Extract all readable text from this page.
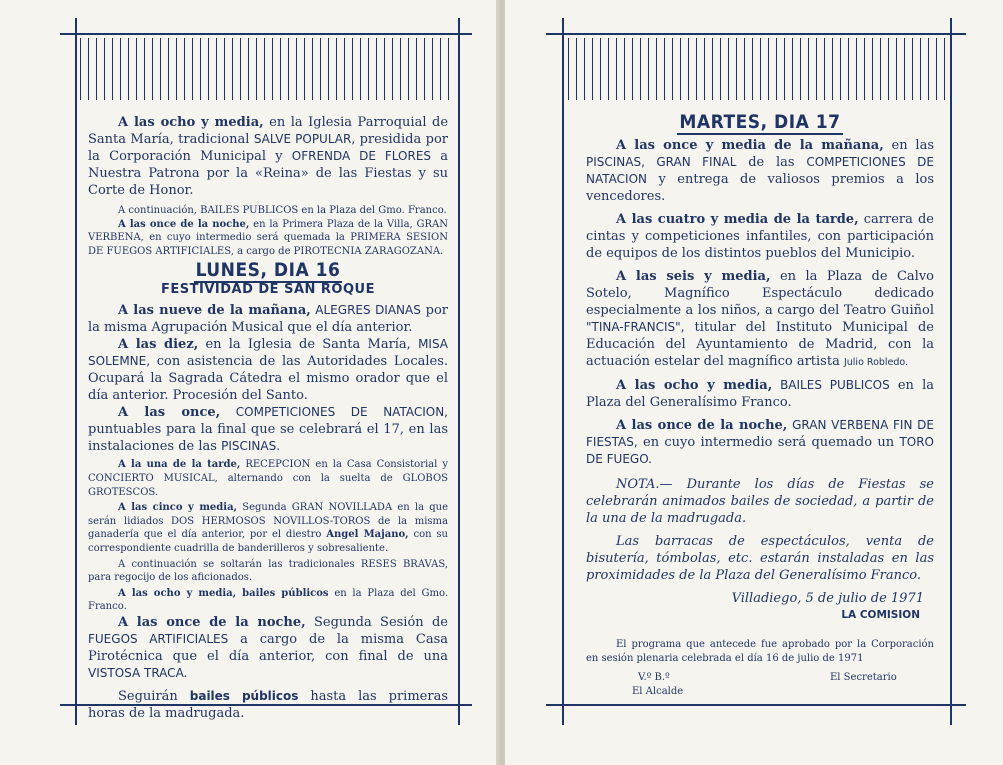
A las ocho y media, en la Iglesia Parroquial de Santa María, tradicional SALVE POPULAR, presidida por la Corporación Municipal y OFRENDA DE FLORES a Nuestra Patrona por la «Reina» de las Fiestas y su Corte de Honor.

A continuación, BAILES PUBLICOS en la Plaza del Gmo. Franco.

A las once de la noche, en la Primera Plaza de la Villa, GRAN VERBENA, en cuyo intermedio será quemada la PRIMERA SESION DE FUEGOS ARTIFICIALES, a cargo de PIROTECNIA ZARAGOZANA.

LUNES, DIA 16
FESTIVIDAD DE SAN ROQUE

A las nueve de la mañana, ALEGRES DIANAS por la misma Agrupación Musical que el día anterior.

A las diez, en la Iglesia de Santa María, MISA SOLEMNE, con asistencia de las Autoridades Locales. Ocupará la Sagrada Cátedra el mismo orador que el día anterior. Procesión del Santo.

A las once, COMPETICIONES DE NATACION, puntuables para la final que se celebrará el 17, en las instalaciones de las PISCINAS.

A la una de la tarde, RECEPCION en la Casa Consistorial y CONCIERTO MUSICAL, alternando con la suelta de GLOBOS GROTESCOS.

A las cinco y media, Segunda GRAN NOVILLADA en la que serán lidiados DOS HERMOSOS NOVILLOS-TOROS de la misma ganadería que el día anterior, por el diestro Angel Majano, con su correspondiente cuadrilla de banderilleros y sobresaliente.

A continuación se soltarán las tradicionales RESES BRAVAS, para regocijo de los aficionados.

A las ocho y media, bailes públicos en la Plaza del Gmo. Franco.

A las once de la noche, Segunda Sesión de FUEGOS ARTIFICIALES a cargo de la misma Casa Pirotécnica que el día anterior, con final de una VISTOSA TRACA.

Seguirán bailes públicos hasta las primeras horas de la madrugada.

MARTES, DIA 17

A las once y media de la mañana, en las PISCINAS, GRAN FINAL de las COMPETICIONES DE NATACION y entrega de valiosos premios a los vencedores.

A las cuatro y media de la tarde, carrera de cintas y competiciones infantiles, con participación de equipos de los distintos pueblos del Municipio.

A las seis y media, en la Plaza de Calvo Sotelo, Magnífico Espectáculo dedicado especialmente a los niños, a cargo del Teatro Guiñol "TINA-FRANCIS", titular del Instituto Municipal de Educación del Ayuntamiento de Madrid, con la actuación estelar del magnífico artista Julio Robledo.

A las ocho y media, BAILES PUBLICOS en la Plaza del Generalísimo Franco.

A las once de la noche, GRAN VERBENA FIN DE FIESTAS, en cuyo intermedio será quemado un TORO DE FUEGO.

NOTA.— Durante los días de Fiestas se celebrarán animados bailes de sociedad, a partir de la una de la madrugada.

Las barracas de espectáculos, venta de bisutería, tómbolas, etc. estarán instaladas en las proximidades de la Plaza del Generalísimo Franco.

Villadiego, 5 de julio de 1971

LA COMISION

El programa que antecede fue aprobado por la Corporación en sesión plenaria celebrada el día 16 de julio de 1971

V.º B.º
El Alcalde
El Secretario
